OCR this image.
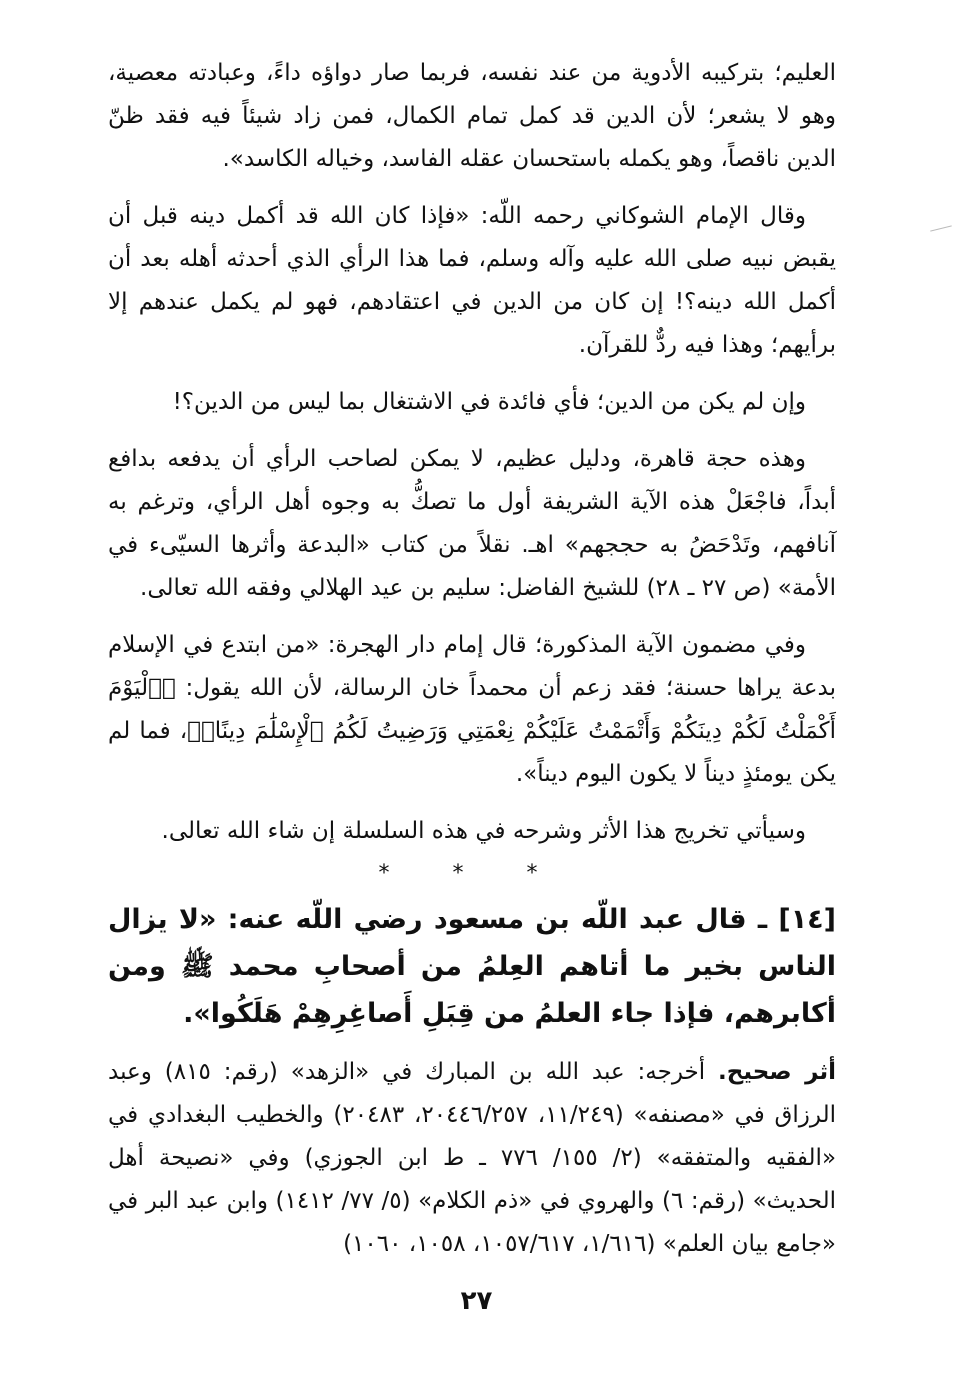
العليم؛ بتركيبه الأدوية من عند نفسه، فربما صار دواؤه داءً، وعبادته معصية، وهو لا يشعر؛ لأن الدين قد كمل تمام الكمال، فمن زاد شيئاً فيه فقد ظنّ الدين ناقصاً، وهو يكمله باستحسان عقله الفاسد، وخياله الكاسد».

وقال الإمام الشوكاني رحمه اللّه: «فإذا كان الله قد أكمل دينه قبل أن يقبض نبيه صلى الله عليه وآله وسلم، فما هذا الرأي الذي أحدثه أهله بعد أن أكمل الله دينه؟! إن كان من الدين في اعتقادهم، فهو لم يكمل عندهم إلا برأيهم؛ وهذا فيه ردٌّ للقرآن.

وإن لم يكن من الدين؛ فأي فائدة في الاشتغال بما ليس من الدين؟!

وهذه حجة قاهرة، ودليل عظيم، لا يمكن لصاحب الرأي أن يدفعه بدافع أبداً، فاجْعَلْ هذه الآية الشريفة أول ما تصكُّ به وجوه أهل الرأي، وترغم به آنافهم، وتَدْحَضُ به حججهم» اهـ. نقلاً من كتاب «البدعة وأثرها السيّىء في الأمة» (ص ٢٧ ـ ٢٨) للشيخ الفاضل: سليم بن عيد الهلالي وفقه الله تعالى.

وفي مضمون الآية المذكورة؛ قال إمام دار الهجرة: «من ابتدع في الإسلام بدعة يراها حسنة؛ فقد زعم أن محمداً خان الرسالة، لأن الله يقول: ﴿ٱلْيَوْمَ أَكْمَلْتُ لَكُمْ دِينَكُمْ وَأَتْمَمْتُ عَلَيْكُمْ نِعْمَتِي وَرَضِيتُ لَكُمُ ٱلْإِسْلَٰمَ دِينًاۚ﴾، فما لم يكن يومئذٍ ديناً لا يكون اليوم ديناً».

وسيأتي تخريج هذا الأثر وشرحه في هذه السلسلة إن شاء الله تعالى.

* * *

[١٤] ـ قال عبد اللّه بن مسعود رضي اللّه عنه: «لا يزال الناس بخير ما أتاهم العِلمُ من أصحابِ محمد ﷺ ومن أكابرهم، فإذا جاء العلمُ من قِبَلِ أَصاغِرِهِمْ هَلَكُوا».

أثر صحيح. أخرجه: عبد الله بن المبارك في «الزهد» (رقم: ٨١٥) وعبد الرزاق في «مصنفه» (١١/٢٤٩، ٢٠٤٤٦/٢٥٧، ٢٠٤٨٣) والخطيب البغدادي في «الفقيه والمتفقه» (٢/ ١٥٥/ ٧٧٦ ـ ط ابن الجوزي) وفي «نصيحة أهل الحديث» (رقم: ٦) والهروي في «ذم الكلام» (٥/ ٧٧/ ١٤١٢) وابن عبد البر في «جامع بيان العلم» (١/٦١٦، ١٠٥٧/٦١٧، ١٠٥٨، ١٠٦٠)

٢٧
